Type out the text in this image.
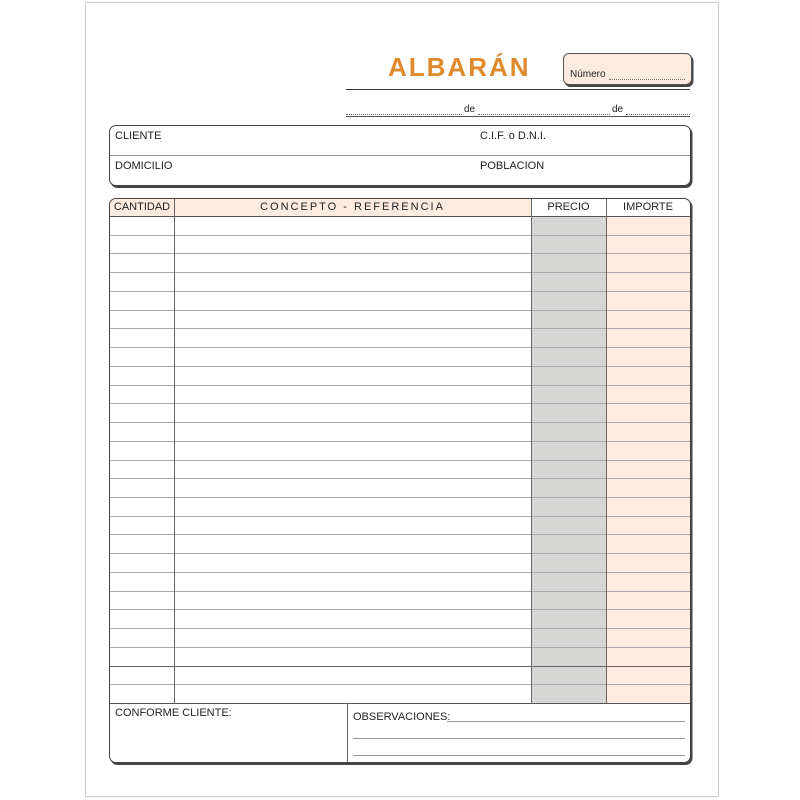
ALBARÁN	Número
de	de
CLIENTE	C.I.F. o D.N.I.
DOMICILIO	POBLACION
CANTIDAD	CONCEPTO - REFERENCIA	PRECIO	IMPORTE
CONFORME CLIENTE:	OBSERVACIONES:
